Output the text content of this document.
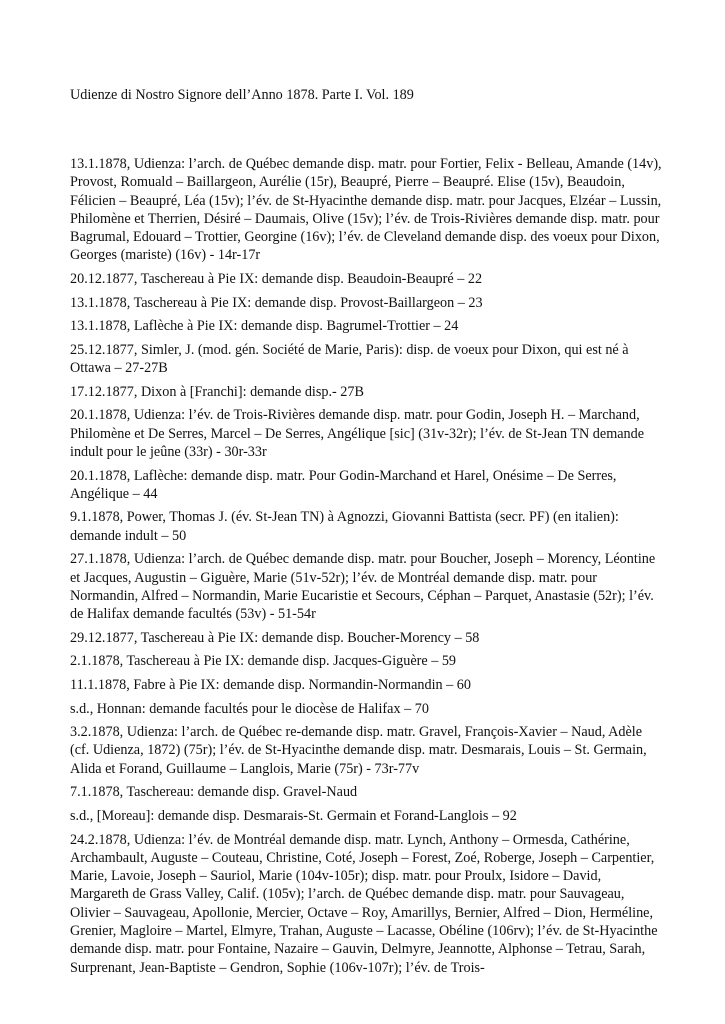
Udienze di Nostro Signore dell’Anno 1878. Parte I. Vol. 189
13.1.1878, Udienza: l’arch. de Québec demande disp. matr. pour Fortier, Felix - Belleau, Amande (14v), Provost, Romuald – Baillargeon, Aurélie (15r), Beaupré, Pierre – Beaupré. Elise (15v), Beaudoin, Félicien – Beaupré, Léa (15v); l’év. de St-Hyacinthe demande disp. matr. pour Jacques, Elzéar – Lussin, Philomène et Therrien, Désiré – Daumais, Olive (15v); l’év. de Trois-Rivières demande disp. matr. pour Bagrumal, Edouard – Trottier, Georgine (16v); l’év. de Cleveland demande disp. des voeux pour Dixon, Georges (mariste) (16v) - 14r-17r
20.12.1877, Taschereau à Pie IX: demande disp. Beaudoin-Beaupré – 22
13.1.1878, Taschereau à Pie IX: demande disp. Provost-Baillargeon – 23
13.1.1878, Laflèche à Pie IX: demande disp. Bagrumel-Trottier – 24
25.12.1877, Simler, J. (mod. gén. Société de Marie, Paris): disp. de voeux pour Dixon, qui est né à Ottawa – 27-27B
17.12.1877, Dixon à [Franchi]: demande disp.- 27B
20.1.1878, Udienza: l’év. de Trois-Rivières demande disp. matr. pour Godin, Joseph H. – Marchand, Philomène et De Serres, Marcel – De Serres, Angélique [sic] (31v-32r); l’év. de St-Jean TN demande indult pour le jeûne (33r) - 30r-33r
20.1.1878, Laflèche: demande disp. matr. Pour Godin-Marchand et Harel, Onésime – De Serres, Angélique – 44
9.1.1878, Power, Thomas J. (év. St-Jean TN) à Agnozzi, Giovanni Battista (secr. PF) (en italien): demande indult – 50
27.1.1878, Udienza: l’arch. de Québec demande disp. matr. pour Boucher, Joseph – Morency, Léontine et Jacques, Augustin – Giguère, Marie (51v-52r); l’év. de Montréal demande disp. matr. pour Normandin, Alfred – Normandin, Marie Eucaristie et Secours, Céphan – Parquet, Anastasie (52r); l’év. de Halifax demande facultés (53v) - 51-54r
29.12.1877, Taschereau à Pie IX: demande disp. Boucher-Morency – 58
2.1.1878, Taschereau à Pie IX: demande disp. Jacques-Giguère – 59
11.1.1878, Fabre à Pie IX: demande disp. Normandin-Normandin – 60
s.d., Honnan: demande facultés pour le diocèse de Halifax – 70
3.2.1878, Udienza: l’arch. de Québec re-demande disp. matr. Gravel, François-Xavier – Naud, Adèle (cf. Udienza, 1872) (75r); l’év. de St-Hyacinthe demande disp. matr. Desmarais, Louis – St. Germain, Alida et Forand, Guillaume – Langlois, Marie (75r) - 73r-77v
7.1.1878, Taschereau: demande disp. Gravel-Naud
s.d., [Moreau]: demande disp. Desmarais-St. Germain et Forand-Langlois – 92
24.2.1878, Udienza: l’év. de Montréal demande disp. matr. Lynch, Anthony – Ormesda, Cathérine, Archambault, Auguste – Couteau, Christine, Coté, Joseph – Forest, Zoé, Roberge, Joseph – Carpentier, Marie, Lavoie, Joseph – Sauriol, Marie (104v-105r); disp. matr. pour Proulx, Isidore – David, Margareth de Grass Valley, Calif. (105v); l’arch. de Québec demande disp. matr. pour Sauvageau, Olivier – Sauvageau, Apollonie, Mercier, Octave – Roy, Amarillys, Bernier, Alfred – Dion, Herméline, Grenier, Magloire – Martel, Elmyre, Trahan, Auguste – Lacasse, Obéline (106rv); l’év. de St-Hyacinthe demande disp. matr. pour Fontaine, Nazaire – Gauvin, Delmyre, Jeannotte, Alphonse – Tetrau, Sarah, Surprenant, Jean-Baptiste – Gendron, Sophie (106v-107r); l’év. de Trois-
